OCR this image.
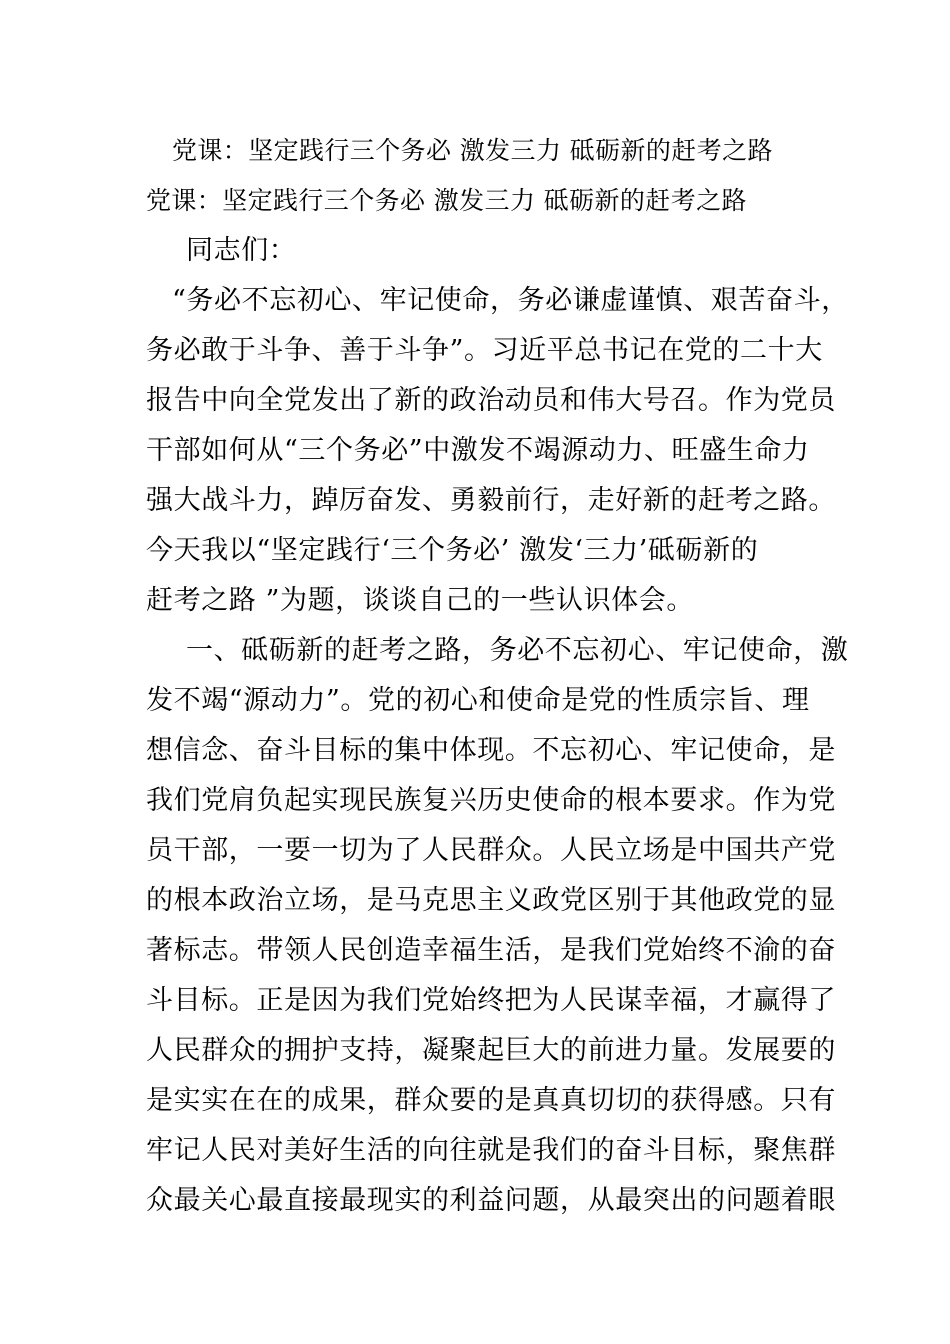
党课：坚定践行三个务必 激发三力 砥砺新的赶考之路
党课：坚定践行三个务必 激发三力 砥砺新的赶考之路
同志们：
“务必不忘初心、牢记使命，务必谦虚谨慎、艰苦奋斗，
务必敢于斗争、善于斗争”。习近平总书记在党的二十大
报告中向全党发出了新的政治动员和伟大号召。作为党员
干部如何从“三个务必”中激发不竭源动力、旺盛生命力
强大战斗力，踔厉奋发、勇毅前行，走好新的赶考之路。
今天我以“坚定践行‘三个务必’ 激发‘三力’砥砺新的
赶考之路 ”为题，谈谈自己的一些认识体会。
一、砥砺新的赶考之路，务必不忘初心、牢记使命，激
发不竭“源动力”。党的初心和使命是党的性质宗旨、理
想信念、奋斗目标的集中体现。不忘初心、牢记使命，是
我们党肩负起实现民族复兴历史使命的根本要求。作为党
员干部，一要一切为了人民群众。人民立场是中国共产党
的根本政治立场，是马克思主义政党区别于其他政党的显
著标志。带领人民创造幸福生活，是我们党始终不渝的奋
斗目标。正是因为我们党始终把为人民谋幸福，才赢得了
人民群众的拥护支持，凝聚起巨大的前进力量。发展要的
是实实在在的成果，群众要的是真真切切的获得感。只有
牢记人民对美好生活的向往就是我们的奋斗目标，聚焦群
众最关心最直接最现实的利益问题，从最突出的问题着眼
